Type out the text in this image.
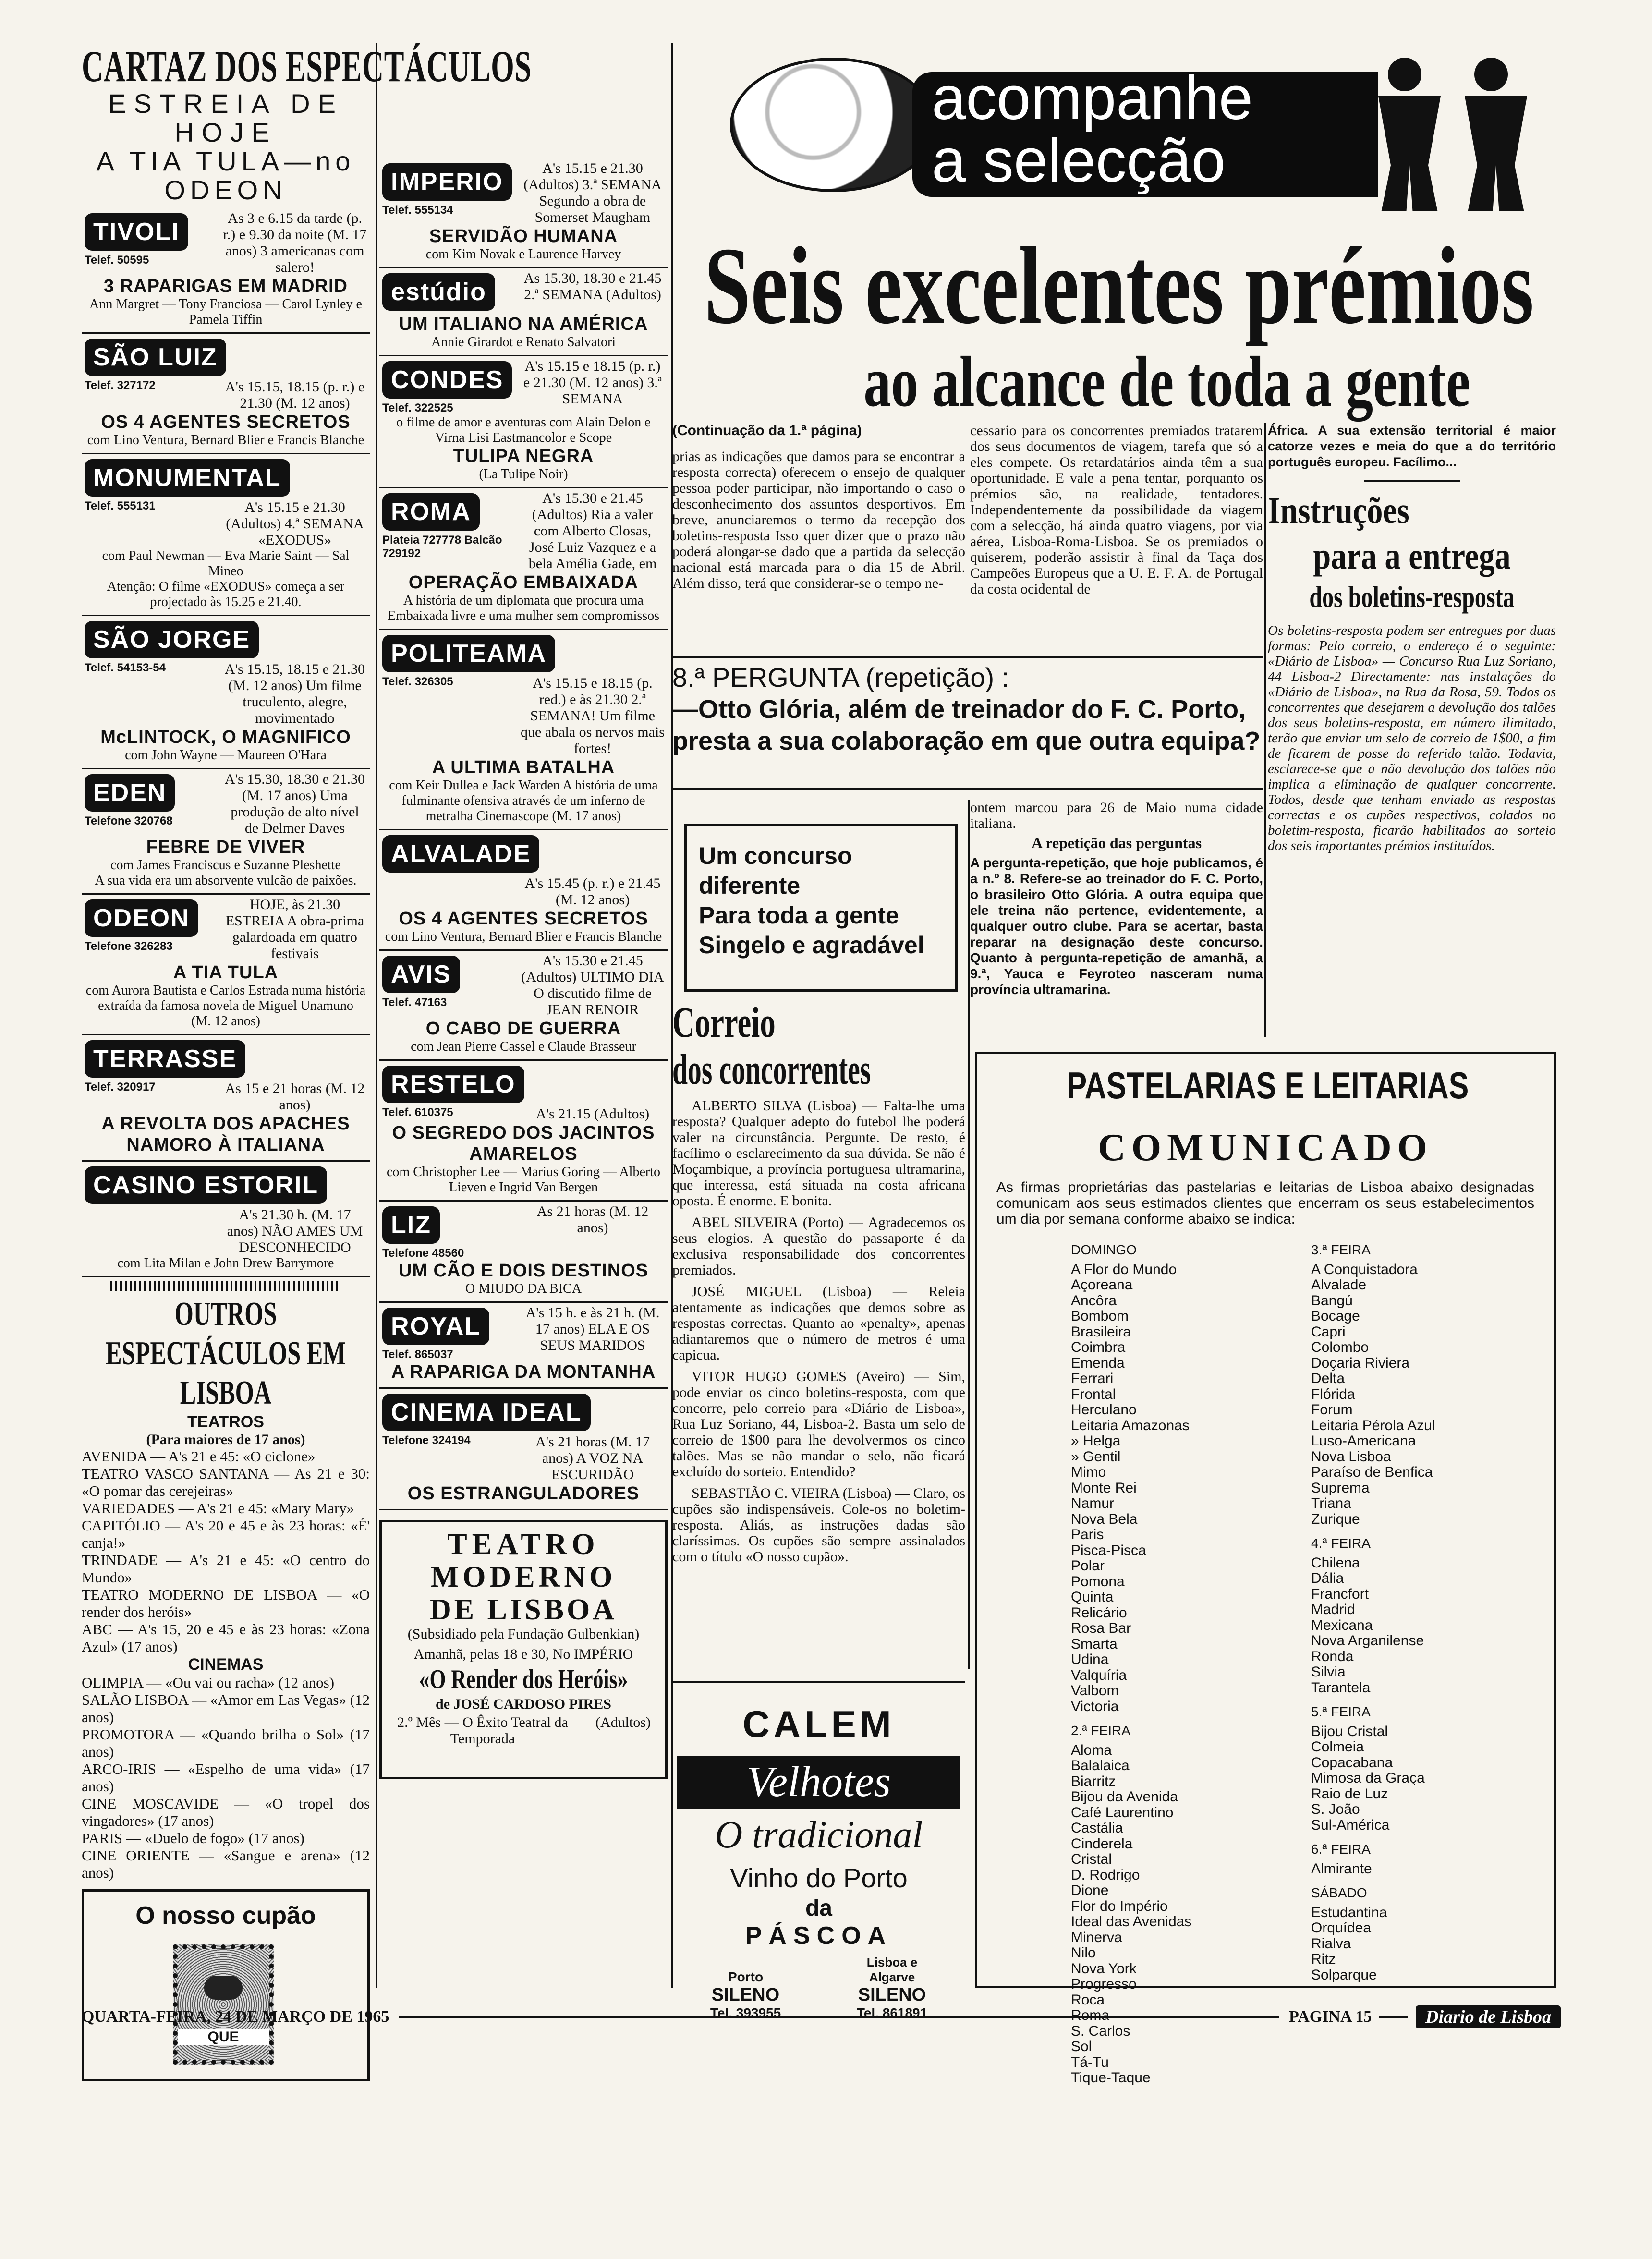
CARTAZ DOS ESPECTÁCULOS
ESTREIA DE HOJE
A TIA TULA—no ODEON
TIVOLI	As 3 e 6.15 da tarde (p. r.) e 9.30 da noite (M. 17 anos) 3 americanas com salero!
Telef. 50595
3 RAPARIGAS EM MADRID
Ann Margret — Tony Franciosa — Carol Lynley e Pamela Tiffin
SÃO LUIZ
A's 15.15, 18.15 (p. r.) e 21.30 (M. 12 anos)
Telef. 327172
OS 4 AGENTES SECRETOS
com Lino Ventura, Bernard Blier e Francis Blanche
MONUMENTAL
A's 15.15 e 21.30 (Adultos) 4.ª SEMANA «EXODUS»
Telef. 555131
com Paul Newman — Eva Marie Saint — Sal Mineo
Atenção: O filme «EXODUS» começa a ser projectado às 15.25 e 21.40.
SÃO JORGE
A's 15.15, 18.15 e 21.30 (M. 12 anos) Um filme truculento, alegre, movimentado
Telef. 54153-54
McLINTOCK, O MAGNIFICO
com John Wayne — Maureen O'Hara
EDEN	A's 15.30, 18.30 e 21.30 (M. 17 anos) Uma produção de alto nível de Delmer Daves
Telefone 320768
FEBRE DE VIVER
com James Franciscus e Suzanne Pleshette
A sua vida era um absorvente vulcão de paixões.
ODEON	HOJE, às 21.30 ESTREIA A obra-prima galardoada em quatro festivais
Telefone 326283
A TIA TULA
com Aurora Bautista e Carlos Estrada numa história extraída da famosa novela de Miguel Unamuno
(M. 12 anos)
TERRASSE
As 15 e 21 horas (M. 12 anos)
Telef. 320917
A REVOLTA DOS APACHES NAMORO À ITALIANA
CASINO ESTORIL
A's 21.30 h. (M. 17 anos) NÃO AMES UM DESCONHECIDO
com Lita Milan e John Drew Barrymore
OUTROS ESPECTÁCULOS EM LISBOA
TEATROS
(Para maiores de 17 anos)
AVENIDA — A's 21 e 45: «O ciclone»
TEATRO VASCO SANTANA — As 21 e 30: «O pomar das cerejeiras»
VARIEDADES — A's 21 e 45: «Mary Mary»
CAPITÓLIO — A's 20 e 45 e às 23 horas: «É' canja!»
TRINDADE — A's 21 e 45: «O centro do Mundo»
TEATRO MODERNO DE LISBOA — «O render dos heróis»
ABC — A's 15, 20 e 45 e às 23 horas: «Zona Azul» (17 anos)
CINEMAS
OLIMPIA — «Ou vai ou racha» (12 anos)
SALÃO LISBOA — «Amor em Las Vegas» (12 anos)
PROMOTORA — «Quando brilha o Sol» (17 anos)
ARCO-IRIS — «Espelho de uma vida» (17 anos)
CINE MOSCAVIDE — «O tropel dos vingadores» (17 anos)
PARIS — «Duelo de fogo» (17 anos)
CINE ORIENTE — «Sangue e arena» (12 anos)
O nosso cupão
QUE
IMPERIO	A's 15.15 e 21.30 (Adultos) 3.ª SEMANA Segundo a obra de Somerset Maugham
Telef. 555134
SERVIDÃO HUMANA
com Kim Novak e Laurence Harvey
estúdio	As 15.30, 18.30 e 21.45 2.ª SEMANA (Adultos)
UM ITALIANO NA AMÉRICA
Annie Girardot e Renato Salvatori
CONDES	A's 15.15 e 18.15 (p. r.) e 21.30 (M. 12 anos) 3.ª SEMANA
Telef. 322525
o filme de amor e aventuras com Alain Delon e Virna Lisi Eastmancolor e Scope
TULIPA NEGRA
(La Tulipe Noir)
ROMA	A's 15.30 e 21.45 (Adultos) Ria a valer com Alberto Closas, José Luiz Vazquez e a bela Amélia Gade, em
Plateia 727778 Balcão 729192
OPERAÇÃO EMBAIXADA
A história de um diplomata que procura uma Embaixada livre e uma mulher sem compromissos
POLITEAMA
A's 15.15 e 18.15 (p. red.) e às 21.30 2.ª SEMANA! Um filme que abala os nervos mais fortes!
Telef. 326305
A ULTIMA BATALHA
com Keir Dullea e Jack Warden A história de uma fulminante ofensiva através de um inferno de metralha Cinemascope (M. 17 anos)
ALVALADE
A's 15.45 (p. r.) e 21.45 (M. 12 anos)
OS 4 AGENTES SECRETOS
com Lino Ventura, Bernard Blier e Francis Blanche
AVIS	A's 15.30 e 21.45 (Adultos) ULTIMO DIA O discutido filme de JEAN RENOIR
Telef. 47163
O CABO DE GUERRA
com Jean Pierre Cassel e Claude Brasseur
RESTELO
A's 21.15 (Adultos)
Telef. 610375
O SEGREDO DOS JACINTOS AMARELOS
com Christopher Lee — Marius Goring — Alberto Lieven e Ingrid Van Bergen
LIZ	As 21 horas (M. 12 anos)
Telefone 48560
UM CÃO E DOIS DESTINOS
O MIUDO DA BICA
ROYAL	A's 15 h. e às 21 h. (M. 17 anos) ELA E OS SEUS MARIDOS
Telef. 865037
A RAPARIGA DA MONTANHA
CINEMA IDEAL
A's 21 horas (M. 17 anos) A VOZ NA ESCURIDÃO
Telefone 324194
OS ESTRANGULADORES
TEATRO
MODERNO
DE LISBOA
(Subsidiado pela Fundação Gulbenkian)
Amanhã, pelas 18 e 30, No IMPÉRIO
«O Render dos Heróis»
de JOSÉ CARDOSO PIRES
2.º Mês — O Êxito Teatral da Temporada
(Adultos)
acompanhe
a selecção
Seis excelentes prémios
ao alcance de toda a gente
(Continuação da 1.ª página)
prias as indicações que damos para se encontrar a resposta correcta) oferecem o ensejo de qualquer pessoa poder participar, não importando o caso o desconhecimento dos assuntos desportivos. Em breve, anunciaremos o termo da recepção dos boletins-resposta Isso quer dizer que o prazo não poderá alongar-se dado que a partida da selecção nacional está marcada para o dia 15 de Abril. Além disso, terá que considerar-se o tempo ne-
cessario para os concorrentes premiados tratarem dos seus documentos de viagem, tarefa que só a eles compete. Os retardatários ainda têm a sua oportunidade. E vale a pena tentar, porquanto os prémios são, na realidade, tentadores. Independentemente da possibilidade da viagem com a selecção, há ainda quatro viagens, por via aérea, Lisboa-Roma-Lisboa. Se os premiados o quiserem, poderão assistir à final da Taça dos Campeões Europeus que a U. E. F. A. de Portugal da costa ocidental de
África. A sua extensão territorial é maior catorze vezes e meia do que a do território português europeu. Facílimo...
Instruções
para a entrega
dos boletins-resposta
Os boletins-resposta podem ser entregues por duas formas: Pelo correio, o endereço é o seguinte: «Diário de Lisboa» — Concurso Rua Luz Soriano, 44 Lisboa-2 Directamente: nas instalações do «Diário de Lisboa», na Rua da Rosa, 59. Todos os concorrentes que desejarem a devolução dos talões dos seus boletins-resposta, em número ilimitado, terão que enviar um selo de correio de 1$00, a fim de ficarem de posse do referido talão. Todavia, esclarece-se que a não devolução dos talões não implica a eliminação de qualquer concorrente. Todos, desde que tenham enviado as respostas correctas e os cupões respectivos, colados no boletim-resposta, ficarão habilitados ao sorteio dos seis importantes prémios instituídos.
8.ª PERGUNTA (repetição) :
—Otto Glória, além de treinador do F. C. Porto, presta a sua colaboração em que outra equipa?
Um concurso diferente
Para toda a gente
Singelo e agradável
ontem marcou para 26 de Maio numa cidade italiana.
A repetição das perguntas
A pergunta-repetição, que hoje publicamos, é a n.º 8. Refere-se ao treinador do F. C. Porto, o brasileiro Otto Glória. A outra equipa que ele treina não pertence, evidentemente, a qualquer outro clube. Para se acertar, basta reparar na designação deste concurso. Quanto à pergunta-repetição de amanhã, a 9.ª, Yauca e Feyroteo nasceram numa província ultramarina.
Correio
dos concorrentes
ALBERTO SILVA (Lisboa) — Falta-lhe uma resposta? Qualquer adepto do futebol lhe poderá valer na circunstância. Pergunte. De resto, é facílimo o esclarecimento da sua dúvida. Se não é Moçambique, a província portuguesa ultramarina, que interessa, está situada na costa africana oposta. É enorme. E bonita.
ABEL SILVEIRA (Porto) — Agradecemos os seus elogios. A questão do passaporte é da exclusiva responsabilidade dos concorrentes premiados.
JOSÉ MIGUEL (Lisboa) — Releia atentamente as indicações que demos sobre as respostas correctas. Quanto ao «penalty», apenas adiantaremos que o número de metros é uma capicua.
VITOR HUGO GOMES (Aveiro) — Sim, pode enviar os cinco boletins-resposta, com que concorre, pelo correio para «Diário de Lisboa», Rua Luz Soriano, 44, Lisboa-2. Basta um selo de correio de 1$00 para lhe devolvermos os cinco talões. Mas se não mandar o selo, não ficará excluído do sorteio. Entendido?
SEBASTIÃO C. VIEIRA (Lisboa) — Claro, os cupões são indispensáveis. Cole-os no boletim-resposta. Aliás, as instruções dadas são claríssimas. Os cupões são sempre assinalados com o título «O nosso cupão».
CALEM
Velhotes
O tradicional
Vinho do Porto
da
PÁSCOA
Porto
SILENO
Tel. 393955
Lisboa e Algarve
SILENO
Tel. 861891
PASTELARIAS E LEITARIAS
COMUNICADO
As firmas proprietárias das pastelarias e leitarias de Lisboa abaixo designadas comunicam aos seus estimados clientes que encerram os seus estabelecimentos um dia por semana conforme abaixo se indica:
DOMINGO
A Flor do Mundo
Açoreana
Ancôra
Bombom
Brasileira
Coimbra
Emenda
Ferrari
Frontal
Herculano
Leitaria Amazonas
» Helga
» Gentil
Mimo
Monte Rei
Namur
Nova Bela
Paris
Pisca-Pisca
Polar
Pomona
Quinta
Relicário
Rosa Bar
Smarta
Udina
Valquíria
Valbom
Victoria
2.ª FEIRA
Aloma
Balalaica
Biarritz
Bijou da Avenida
Café Laurentino
Castália
Cinderela
Cristal
D. Rodrigo
Dione
Flor do Império
Ideal das Avenidas
Minerva
Nilo
Nova York
Progresso
Roca
Roma
S. Carlos
Sol
Tá-Tu
Tique-Taque
3.ª FEIRA
A Conquistadora
Alvalade
Bangú
Bocage
Capri
Colombo
Doçaria Riviera
Delta
Flórida
Forum
Leitaria Pérola Azul
Luso-Americana
Nova Lisboa
Paraíso de Benfica
Suprema
Triana
Zurique
4.ª FEIRA
Chilena
Dália
Francfort
Madrid
Mexicana
Nova Arganilense
Ronda
Silvia
Tarantela
5.ª FEIRA
Bijou Cristal
Colmeia
Copacabana
Mimosa da Graça
Raio de Luz
S. João
Sul-América
6.ª FEIRA
Almirante
SÁBADO
Estudantina
Orquídea
Rialva
Ritz
Solparque
QUARTA-FEIRA, 24 DE MARÇO DE 1965	PAGINA 15	Diario de Lisboa
